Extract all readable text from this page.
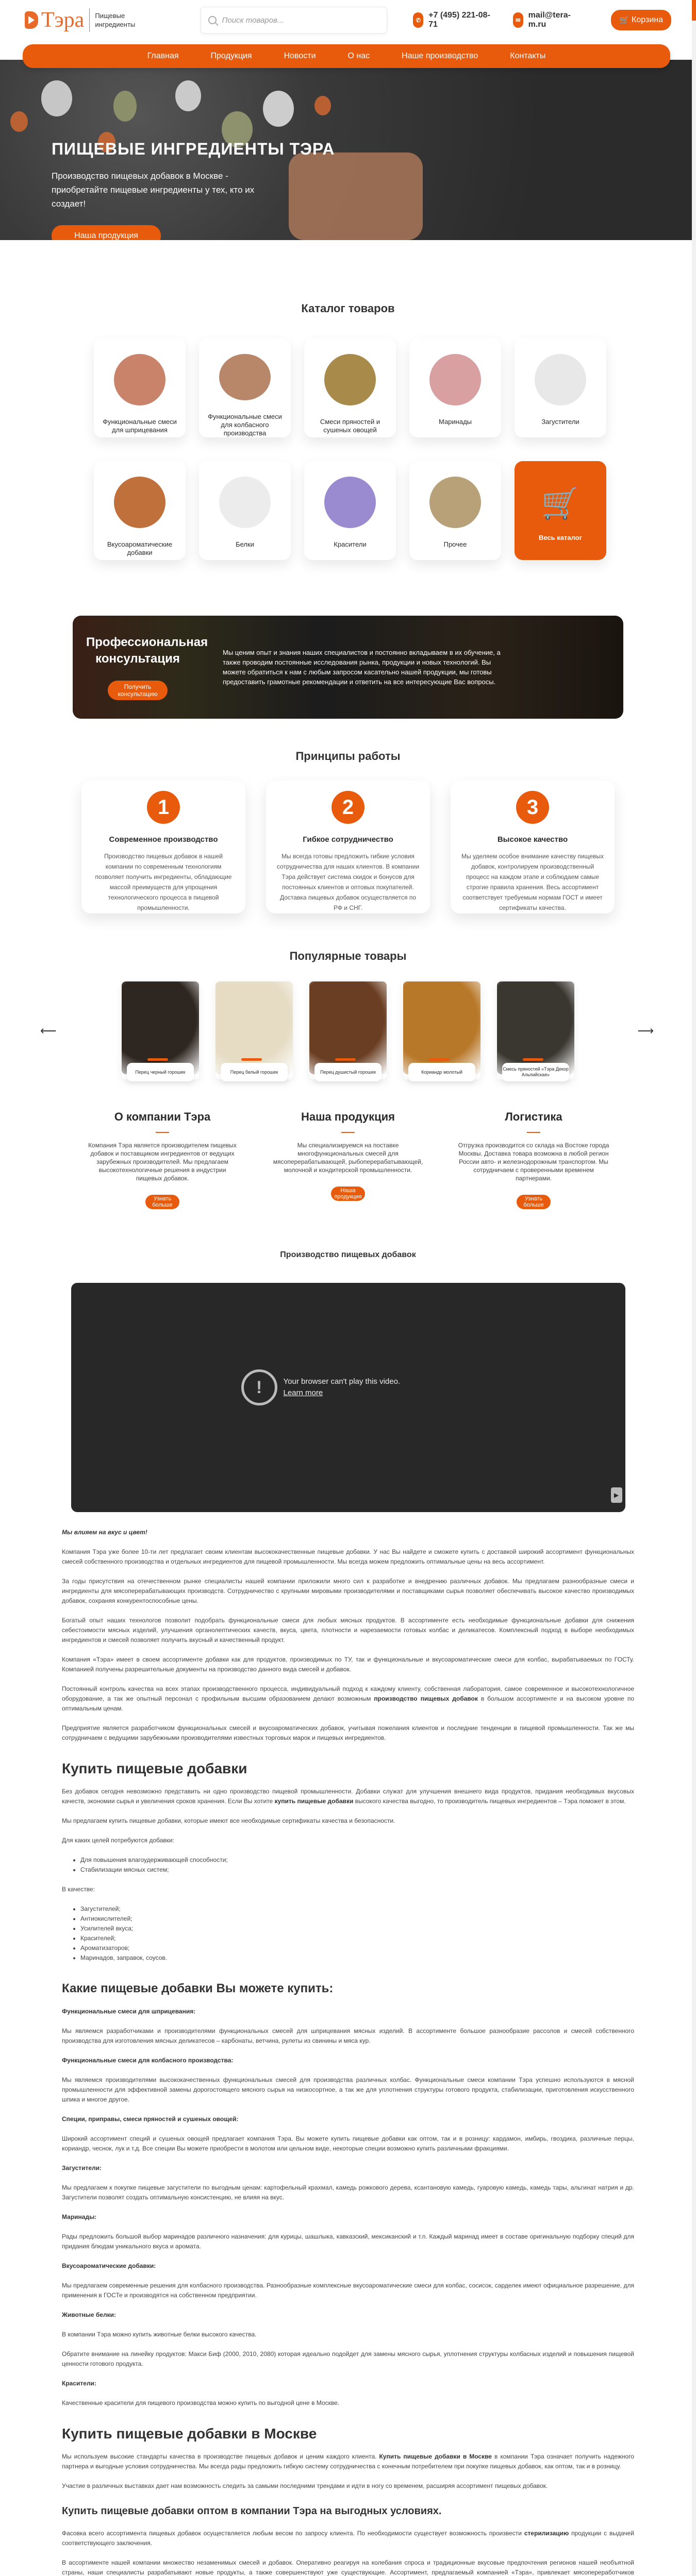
Тэра	Пищевые ингредиенты	Поиск товаров...	✆
+7 (495) 221-08-71	✉
mail@tera-m.ru	🛒 Корзина
Главная	Продукция	Новости	О нас	Наше производство	Контакты
ПИЩЕВЫЕ ИНГРЕДИЕНТЫ ТЭРА
Производство пищевых добавок в Москве - приобретайте пищевые ингредиенты у тех, кто их создает!
Наша продукция
Каталог товаров
Функциональные смеси для шприцевания
Функциональные смеси для колбасного производства
Смеси пряностей и сушеных овощей
Маринады	Загустители
Вкусоароматические добавки
Белки	Красители	Прочее
🛒
Весь каталог
Профессиональная консультация
Получить консультацию
Мы ценим опыт и знания наших специалистов и постоянно вкладываем в их обучение, а также проводим постоянные исследования рынка, продукции и новых технологий. Вы можете обратиться к нам с любым запросом касательно нашей продукции, мы готовы предоставить грамотные рекомендации и ответить на все интересующие Вас вопросы.
Принципы работы
1
Современное производство
Производство пищевых добавок в нашей компании по современным технологиям позволяет получить ингредиенты, обладающие массой преимуществ для упрощения технологического процесса в пищевой промышленности.
2
Гибкое сотрудничество
Мы всегда готовы предложить гибкие условия сотрудничества для наших клиентов. В компании Тэра действует система скидок и бонусов для постоянных клиентов и оптовых покупателей. Доставка пищевых добавок осуществляется по РФ и СНГ.
3
Высокое качество
Мы уделяем особое внимание качеству пищевых добавок, контролируем производственный процесс на каждом этапе и соблюдаем самые строгие правила хранения. Весь ассортимент соответствует требуемым нормам ГОСТ и имеет сертификаты качества.
Популярные товары
⟵	⟶
Перец черный горошек	Перец белый горошек	Перец душистый горошек	Кориандр молотый
Смесь пряностей «Тэра Декор Альпийская»
О компании Тэра
Компания Тэра является производителем пищевых добавок и поставщиком ингредиентов от ведущих зарубежных производителей. Мы предлагаем высокотехнологичные решения в индустрии пищевых добавок.
Узнать больше
Наша продукция
Мы специализируемся на поставке многофункциональных смесей для мясоперерабатывающей, рыбоперерабатывающей, молочной и кондитерской промышленности.
Наша продукция
Логистика
Отгрузка производится со склада на Востоке города Москвы. Доставка товара возможна в любой регион России авто- и железнодорожным транспортом. Мы сотрудничаем с проверенными временем партнерами.
Узнать больше
Производство пищевых добавок
!	Your browser can't play this video.
Learn more
▶

Мы влияем на вкус и цвет!

Компания Тэра уже более 10-ти лет предлагает своим клиентам высококачественные пищевые добавки. У нас Вы найдете и сможете купить с доставкой широкий ассортимент функциональных смесей собственного производства и отдельных ингредиентов для пищевой промышленности. Мы всегда можем предложить оптимальные цены на весь ассортимент.

За годы присутствия на отечественном рынке специалисты нашей компании приложили много сил к разработке и внедрению различных добавок. Мы предлагаем разнообразные смеси и ингредиенты для мясоперерабатывающих производств. Сотрудничество с крупными мировыми производителями и поставщиками сырья позволяет обеспечивать высокое качество производимых добавок, сохраняя конкурентоспособные цены.

Богатый опыт наших технологов позволит подобрать функциональные смеси для любых мясных продуктов. В ассортименте есть необходимые функциональные добавки для снижения себестоимости мясных изделий, улучшения органолептических качеств, вкуса, цвета, плотности и нарезаемости готовых колбас и деликатесов. Комплексный подход в выборе необходимых ингредиентов и смесей позволяет получить вкусный и качественный продукт.

Компания «Тэра» имеет в своем ассортименте добавки как для продуктов, производимых по ТУ, так и функциональные и вкусоароматические смеси для колбас, вырабатываемых по ГОСТу. Компанией получены разрешительные документы на производство данного вида смесей и добавок.

Постоянный контроль качества на всех этапах производственного процесса, индивидуальный подход к каждому клиенту, собственная лаборатория, самое современное и высокотехнологичное оборудование, а так же опытный персонал с профильным высшим образованием делают возможным производство пищевых добавок в большом ассортименте и на высоком уровне по оптимальным ценам.

Предприятие является разработчиком функциональных смесей и вкусоароматических добавок, учитывая пожелания клиентов и последние тенденции в пищевой промышленности. Так же мы сотрудничаем с ведущими зарубежными производителями известных торговых марок и пищевых ингредиентов.

Купить пищевые добавки

Без добавок сегодня невозможно представить ни одно производство пищевой промышленности. Добавки служат для улучшения внешнего вида продуктов, придания необходимых вкусовых качеств, экономии сырья и увеличения сроков хранения. Если Вы хотите купить пищевые добавки высокого качества выгодно, то производитель пищевых ингредиентов – Тэра поможет в этом.

Мы предлагаем купить пищевые добавки, которые имеют все необходимые сертификаты качества и безопасности.

Для каких целей потребуются добавки:

• Для повышения влагоудерживающей способности;
• Стабилизации мясных систем;

В качестве:

• Загустителей;
• Антиокислителей;
• Усилителей вкуса;
• Красителей;
• Ароматизаторов;
• Маринадов, заправок, соусов.
Какие пищевые добавки Вы можете купить:

Функциональные смеси для шприцевания:

Мы являемся разработчиками и производителями функциональных смесей для шприцевания мясных изделий. В ассортименте большое разнообразие рассолов и смесей собственного производства для изготовления мясных деликатесов – карбонаты, ветчина, рулеты из свинины и мяса кур.

Функциональные смеси для колбасного производства:

Мы являемся производителями высококачественных функциональных смесей для производства различных колбас. Функциональные смеси компании Тэра успешно используются в мясной промышленности для эффективной замены дорогостоящего мясного сырья на низкосортное, а так же для уплотнения структуры готового продукта, стабилизации, приготовления искусственного шпика и многое другое.

Специи, приправы, смеси пряностей и сушеных овощей:

Широкий ассортимент специй и сушеных овощей предлагает компания Тэра. Вы можете купить пищевые добавки как оптом, так и в розницу: кардамон, имбирь, гвоздика, различные перцы, кориандр, чеснок, лук и т.д. Все специи Вы можете приобрести в молотом или цельном виде, некоторые специи возможно купить различными фракциями.

Загустители:

Мы предлагаем к покупке пищевые загустители по выгодным ценам: картофельный крахмал, камедь рожкового дерева, ксантановую камедь, гуаровую камедь, камедь тары, альгинат натрия и др. Загустители позволят создать оптимальную консистенцию, не влияя на вкус.

Маринады:

Рады предложить большой выбор маринадов различного назначения: для курицы, шашлыка, кавказский, мексиканский и т.п. Каждый маринад имеет в составе оригинальную подборку специй для придания блюдам уникального вкуса и аромата.

Вкусоароматические добавки:

Мы предлагаем современные решения для колбасного производства. Разнообразные комплексные вкусоароматические смеси для колбас, сосисок, сарделек имеют официальное разрешение, для применения в ГОСТе и производятся на собственном предприятии.

Животные белки:

В компании Тэра можно купить животные белки высокого качества.

Обратите внимание на линейку продуктов: Макси Биф (2000, 2010, 2080) которая идеально подойдет для замены мясного сырья, уплотнения структуры колбасных изделий и повышения пищевой ценности готового продукта.

Красители:

Качественные красители для пищевого производства можно купить по выгодной цене в Москве.

Купить пищевые добавки в Москве

Мы используем высокие стандарты качества в производстве пищевых добавок и ценим каждого клиента. Купить пищевые добавки в Москве в компании Тэра означает получить надежного партнера и выгодные условия сотрудничества. Мы всегда рады предложить гибкую систему сотрудничества с конечным потребителем при покупке пищевых добавок, как оптом, так и в розницу.

Участие в различных выставках дает нам возможность следить за самыми последними трендами и идти в ногу со временем, расширяя ассортимент пищевых добавок.

Купить пищевые добавки оптом в компании Тэра на выгодных условиях.

Фасовка всего ассортимента пищевых добавок осуществляется любым весом по запросу клиента. По необходимости существует возможность произвести стерилизацию продукции с выдачей соответствующего заключения.

В ассортименте нашей компании множество незаменимых смесей и добавок. Оперативно реагируя на колебания спроса и традиционные вкусовые предпочтения регионов нашей необъятной страны, наши специалисты разрабатывают новые продукты, а также совершенствуют уже существующие. Ассортимент, предлагаемый компанией «Тэра», привлекает мясопереработчиков
